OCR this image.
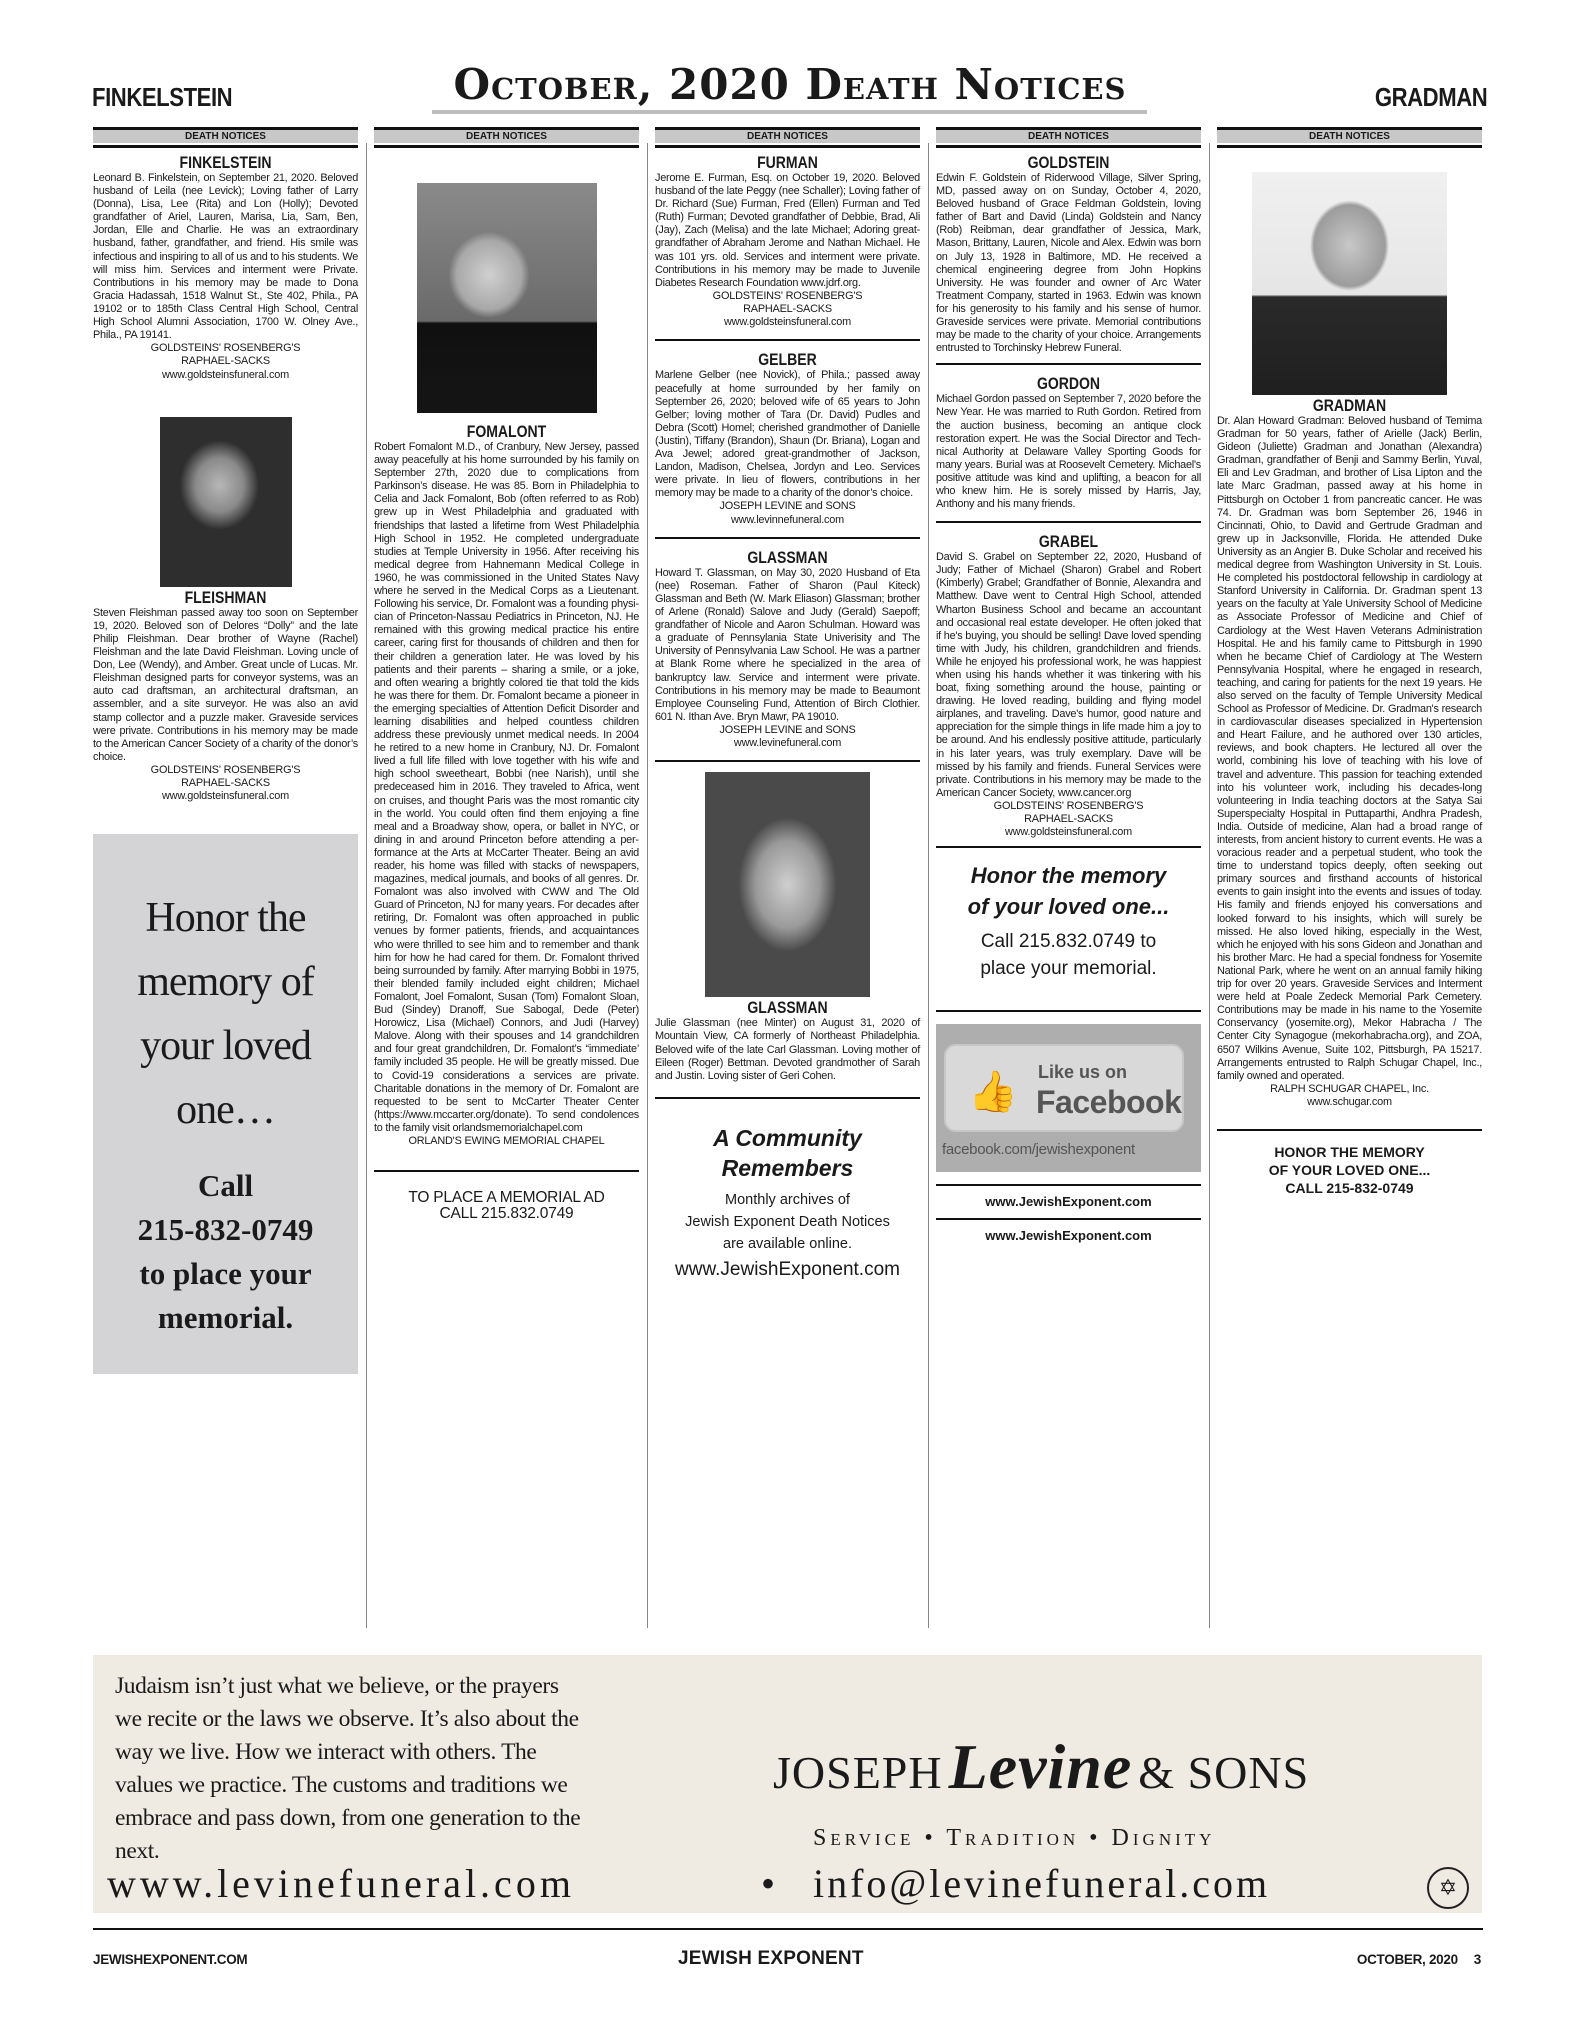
FINKELSTEIN	October, 2020 Death Notices	GRADMAN
DEATH NOTICES
FINKELSTEIN
Leonard B. Finkelstein, on September 21, 2020. Beloved husband of Leila (nee Levick); Loving father of Larry (Donna), Lisa, Lee (Rita) and Lon (Holly); Devoted grandfather of Ariel, Lauren, Marisa, Lia, Sam, Ben, Jordan, Elle and Charlie. He was an extraordinary husband, father, grandfather, and friend. His smile was infectious and inspiring to all of us and to his students. We will miss him. Services and interment were Private. Contributions in his memory may be made to Dona Gracia Hadassah, 1518 Walnut St., Ste 402, Phila., PA 19102 or to 185th Class Central High School, Central High School Alumni Association, 1700 W. Olney Ave., Phila., PA 19141.
GOLDSTEINS' ROSENBERG'S
RAPHAEL-SACKS
www.goldsteinsfuneral.com
FLEISHMAN
Steven Fleishman passed away too soon on September 19, 2020. Beloved son of Delores “Dolly” and the late Philip Fleishman. Dear brother of Wayne (Rachel) Fleishman and the late David Fleishman. Loving uncle of Don, Lee (Wendy), and Amber. Great uncle of Lucas. Mr. Fleishman designed parts for conveyor systems, was an auto cad draftsman, an architectural draftsman, an assembler, and a site surveyor. He was also an avid stamp collector and a puzzle maker. Graveside services were private. Contributions in his memory may be made to the American Cancer Society of a charity of the donor’s choice.
GOLDSTEINS' ROSENBERG'S
RAPHAEL-SACKS
www.goldsteinsfuneral.com
Honor the
memory of
your loved
one…
Call
215-832-0749
to place your
memorial.
DEATH NOTICES
FOMALONT
Robert Fomalont M.D., of Cranbury, New Jersey, passed away peacefully at his home surrounded by his family on September 27th, 2020 due to complications from Parkinson’s disease. He was 85. Born in Philadelphia to Celia and Jack Fomalont, Bob (often referred to as Rob) grew up in West Philadelphia and graduated with friendships that lasted a lifetime from West Philadelphia High School in 1952. He completed undergraduate studies at Temple University in 1956. After receiving his medical degree from Hahnemann Medical College in 1960, he was commissioned in the United States Navy where he served in the Medical Corps as a Lieutenant. Following his service, Dr. Fomalont was a founding physician of Princeton-Nassau Pediatrics in Princeton, NJ. He remained with this growing medical practice his entire career, caring first for thousands of children and then for their children a generation later. He was loved by his patients and their parents – sharing a smile, or a joke, and often wearing a brightly colored tie that told the kids he was there for them. Dr. Fomalont became a pioneer in the emerging specialties of Attention Deficit Disorder and learning disabilities and helped countless children address these previously unmet medical needs. In 2004 he retired to a new home in Cranbury, NJ. Dr. Fomalont lived a full life filled with love together with his wife and high school sweetheart, Bobbi (nee Narish), until she predeceased him in 2016. They traveled to Africa, went on cruises, and thought Paris was the most romantic city in the world. You could often find them enjoying a fine meal and a Broadway show, opera, or ballet in NYC, or dining in and around Princeton before attending a performance at the Arts at McCarter Theater. Being an avid reader, his home was filled with stacks of newspapers, magazines, medical journals, and books of all genres. Dr. Fomalont was also involved with CWW and The Old Guard of Princeton, NJ for many years. For decades after retiring, Dr. Fomalont was often approached in public venues by former patients, friends, and acquaintances who were thrilled to see him and to remember and thank him for how he had cared for them. Dr. Fomalont thrived being surrounded by family. After marrying Bobbi in 1975, their blended family included eight children; Michael Fomalont, Joel Fomalont, Susan (Tom) Fomalont Sloan, Bud (Sindey) Dranoff, Sue Sabogal, Dede (Peter) Horowicz, Lisa (Michael) Connors, and Judi (Harvey) Malove. Along with their spouses and 14 grandchildren and four great grandchildren, Dr. Fomalont’s “immediate’ family included 35 people. He will be greatly missed. Due to Covid-19 considerations a services are private. Charitable donations in the memory of Dr. Fomalont are requested to be sent to McCarter Theater Center (https://www.mccarter.org/donate). To send condolences to the family visit orlandsmemorialchapel.com
ORLAND'S EWING MEMORIAL CHAPEL
TO PLACE A MEMORIAL AD
CALL 215.832.0749
DEATH NOTICES
FURMAN
Jerome E. Furman, Esq. on October 19, 2020. Beloved husband of the late Peggy (nee Schaller); Loving father of Dr. Richard (Sue) Furman, Fred (Ellen) Furman and Ted (Ruth) Furman; Devoted grandfather of Debbie, Brad, Ali (Jay), Zach (Melisa) and the late Michael; Adoring great-grandfather of Abraham Jerome and Nathan Michael. He was 101 yrs. old. Services and interment were private. Contributions in his memory may be made to Juvenile Diabetes Research Foundation www.jdrf.org.
GOLDSTEINS' ROSENBERG'S
RAPHAEL-SACKS
www.goldsteinsfuneral.com
GELBER
Marlene Gelber (nee Novick), of Phila.; passed away peacefully at home surrounded by her family on September 26, 2020; beloved wife of 65 years to John Gelber; loving mother of Tara (Dr. David) Pudles and Debra (Scott) Homel; cherished grandmother of Danielle (Justin), Tiffany (Brandon), Shaun (Dr. Briana), Logan and Ava Jewel; adored great-grandmother of Jackson, Landon, Madison, Chelsea, Jordyn and Leo. Services were private. In lieu of flowers, contributions in her memory may be made to a charity of the donor’s choice.
JOSEPH LEVINE and SONS
www.levinnefuneral.com
GLASSMAN
Howard T. Glassman, on May 30, 2020 Husband of Eta (nee) Roseman. Father of Sharon (Paul Kiteck) Glassman and Beth (W. Mark Eliason) Glassman; brother of Arlene (Ronald) Salove and Judy (Gerald) Saepoff; grandfather of Nicole and Aaron Schulman. Howard was a graduate of Pennsylania State Univerisity and The University of Pennsylvania Law School. He was a partner at Blank Rome where he specialized in the area of bankruptcy law. Service and interment were private. Contributions in his memory may be made to Beaumont Employee Counseling Fund, Attention of Birch Clothier. 601 N. Ithan Ave. Bryn Mawr, PA 19010.
JOSEPH LEVINE and SONS
www.levinefuneral.com
GLASSMAN
Julie Glassman (nee Minter) on August 31, 2020 of Mountain View, CA formerly of Northeast Philadelphia. Beloved wife of the late Carl Glassman. Loving mother of Eileen (Roger) Bettman. Devoted grandmother of Sarah and Justin. Loving sister of Geri Cohen.
A Community
Remembers
Monthly archives of
Jewish Exponent Death Notices
are available online.
www.JewishExponent.com
DEATH NOTICES
GOLDSTEIN
Edwin F. Goldstein of Riderwood Village, Silver Spring, MD, passed away on on Sunday, October 4, 2020, Beloved husband of Grace Feldman Goldstein, loving father of Bart and David (Linda) Goldstein and Nancy (Rob) Reibman, dear grandfather of Jessica, Mark, Mason, Brittany, Lauren, Nicole and Alex. Edwin was born on July 13, 1928 in Baltimore, MD. He received a chemical engineering degree from John Hopkins University. He was founder and owner of Arc Water Treatment Company, started in 1963. Edwin was known for his generosity to his family and his sense of humor. Graveside services were private. Memorial contributions may be made to the charity of your choice. Arrangements entrusted to Torchinsky Hebrew Funeral.
GORDON
Michael Gordon passed on September 7, 2020 before the New Year. He was married to Ruth Gordon. Retired from the auction business, becoming an antique clock restoration expert. He was the Social Director and Technical Authority at Delaware Valley Sporting Goods for many years. Burial was at Roosevelt Cemetery. Michael's positive attitude was kind and uplifting, a beacon for all who knew him. He is sorely missed by Harris, Jay, Anthony and his many friends.
GRABEL
David S. Grabel on September 22, 2020, Husband of Judy; Father of Michael (Sharon) Grabel and Robert (Kimberly) Grabel; Grandfather of Bonnie, Alexandra and Matthew. Dave went to Central High School, attended Wharton Business School and became an accountant and occasional real estate developer. He often joked that if he's buying, you should be selling! Dave loved spending time with Judy, his children, grandchildren and friends. While he enjoyed his professional work, he was happiest when using his hands whether it was tinkering with his boat, fixing something around the house, painting or drawing. He loved reading, building and flying model airplanes, and traveling. Dave's humor, good nature and appreciation for the simple things in life made him a joy to be around. And his endlessly positive attitude, particularly in his later years, was truly exemplary. Dave will be missed by his family and friends. Funeral Services were private. Contributions in his memory may be made to the American Cancer Society, www.cancer.org
GOLDSTEINS' ROSENBERG'S
RAPHAEL-SACKS
www.goldsteinsfuneral.com
Honor the memory
of your loved one...
Call 215.832.0749 to
place your memorial.
👍 Like us on
Facebook
facebook.com/jewishexponent
www.JewishExponent.com
www.JewishExponent.com
DEATH NOTICES
GRADMAN
Dr. Alan Howard Gradman: Beloved husband of Temima Gradman for 50 years, father of Arielle (Jack) Berlin, Gideon (Juliette) Gradman and Jonathan (Alexandra) Gradman, grandfather of Benji and Sammy Berlin, Yuval, Eli and Lev Gradman, and brother of Lisa Lipton and the late Marc Gradman, passed away at his home in Pittsburgh on October 1 from pancreatic cancer. He was 74. Dr. Gradman was born September 26, 1946 in Cincinnati, Ohio, to David and Gertrude Gradman and grew up in Jacksonville, Florida. He attended Duke University as an Angier B. Duke Scholar and received his medical degree from Washington University in St. Louis. He completed his postdoctoral fellowship in cardiology at Stanford University in California. Dr. Gradman spent 13 years on the faculty at Yale University School of Medicine as Associate Professor of Medicine and Chief of Cardiology at the West Haven Veterans Administration Hospital. He and his family came to Pittsburgh in 1990 when he became Chief of Cardiology at The Western Pennsylvania Hospital, where he engaged in research, teaching, and caring for patients for the next 19 years. He also served on the faculty of Temple University Medical School as Professor of Medicine. Dr. Gradman's research in cardiovascular diseases specialized in Hypertension and Heart Failure, and he authored over 130 articles, reviews, and book chapters. He lectured all over the world, combining his love of teaching with his love of travel and adventure. This passion for teaching extended into his volunteer work, including his decades-long volunteering in India teaching doctors at the Satya Sai Superspecialty Hospital in Puttaparthi, Andhra Pradesh, India. Outside of medicine, Alan had a broad range of interests, from ancient history to current events. He was a voracious reader and a perpetual student, who took the time to understand topics deeply, often seeking out primary sources and firsthand accounts of historical events to gain insight into the events and issues of today. His family and friends enjoyed his conversations and looked forward to his insights, which will surely be missed. He also loved hiking, especially in the West, which he enjoyed with his sons Gideon and Jonathan and his brother Marc. He had a special fondness for Yosemite National Park, where he went on an annual family hiking trip for over 20 years. Graveside Services and Interment were held at Poale Zedeck Memorial Park Cemetery. Contributions may be made in his name to the Yosemite Conservancy (yosemite.org), Mekor Habracha / The Center City Synagogue (mekorhabracha.org), and ZOA, 6507 Wilkins Avenue, Suite 102, Pittsburgh, PA 15217. Arrangements entrusted to Ralph Schugar Chapel, Inc., family owned and operated.
RALPH SCHUGAR CHAPEL, Inc.
www.schugar.com
HONOR THE MEMORY
OF YOUR LOVED ONE...
CALL 215-832-0749
Judaism isn’t just what we believe, or the prayers we recite or the laws we observe. It’s also about the way we live. How we interact with others. The values we practice. The customs and traditions we embrace and pass down, from one generation to the next.
JOSEPHLevine & SONS
Service • Tradition • Dignity
www.levinefuneral.com	• info@levinefuneral.com	✡
JEWISHEXPONENT.COM	JEWISH EXPONENT	OCTOBER, 2020 3
